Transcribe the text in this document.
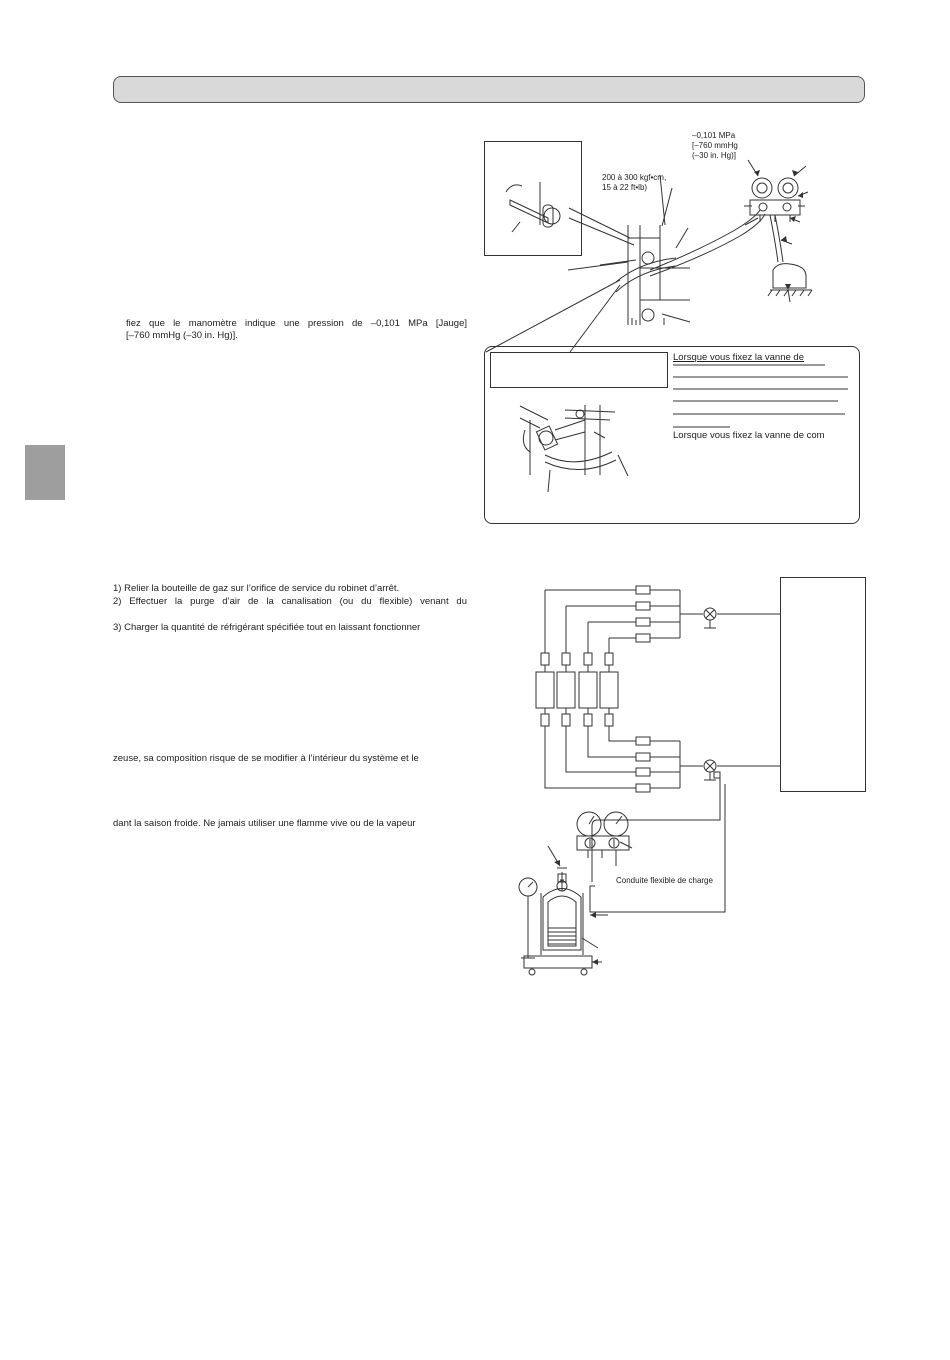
fiez que le manomètre indique une pression de –0,101 MPa [Jauge]
[–760 mmHg (–30 in. Hg)].
–0,101 MPa
[–760 mmHg
(–30 in. Hg)]
200 à 300 kgf•cm,
15 à 22 ft•lb)
Lorsque vous fixez la vanne de
Lorsque vous fixez la vanne de com
1) Relier la bouteille de gaz sur l’orifice de service du robinet d’arrêt.
2) Effectuer la purge d’air de la canalisation (ou du flexible) venant du
3) Charger la quantité de réfrigérant spécifiée tout en laissant fonctionner
zeuse, sa composition risque de se modifier à l’intérieur du système et le
dant la saison froide. Ne jamais utiliser une flamme vive ou de la vapeur
Conduite flexible de charge
